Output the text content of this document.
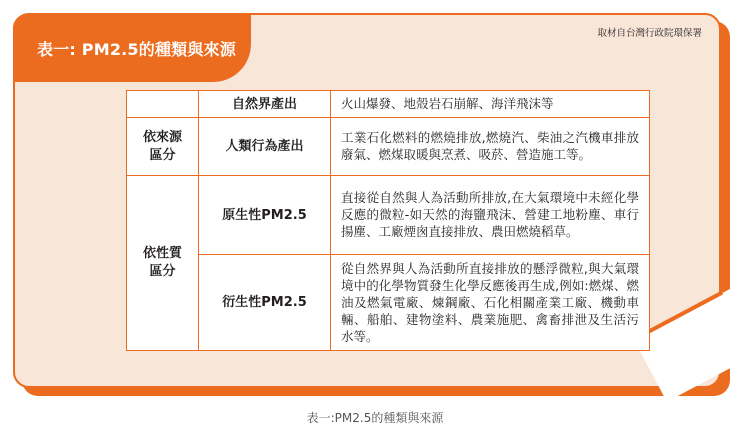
表一: PM2.5的種類與來源
取材自台灣行政院環保署
	自然界產出	火山爆發、地殼岩石崩解、海洋飛沫等
依來源區分	人類行為產出	工業石化燃料的燃燒排放,燃燒汽、柴油之汽機車排放廢氣、燃煤取暖與烹煮、吸菸、營造施工等。
依性質區分	原生性PM2.5	直接從自然與人為活動所排放,在大氣環境中未經化學反應的微粒-如天然的海鹽飛沫、營建工地粉塵、車行揚塵、工廠煙囪直接排放、農田燃燒稻草。
	衍生性PM2.5	從自然界與人為活動所直接排放的懸浮微粒,與大氣環境中的化學物質發生化學反應後再生成,例如:燃煤、燃油及燃氣電廠、煉鋼廠、石化相關產業工廠、機動車輛、船舶、建物塗料、農業施肥、禽畜排泄及生活污水等。
表一:PM2.5的種類與來源
